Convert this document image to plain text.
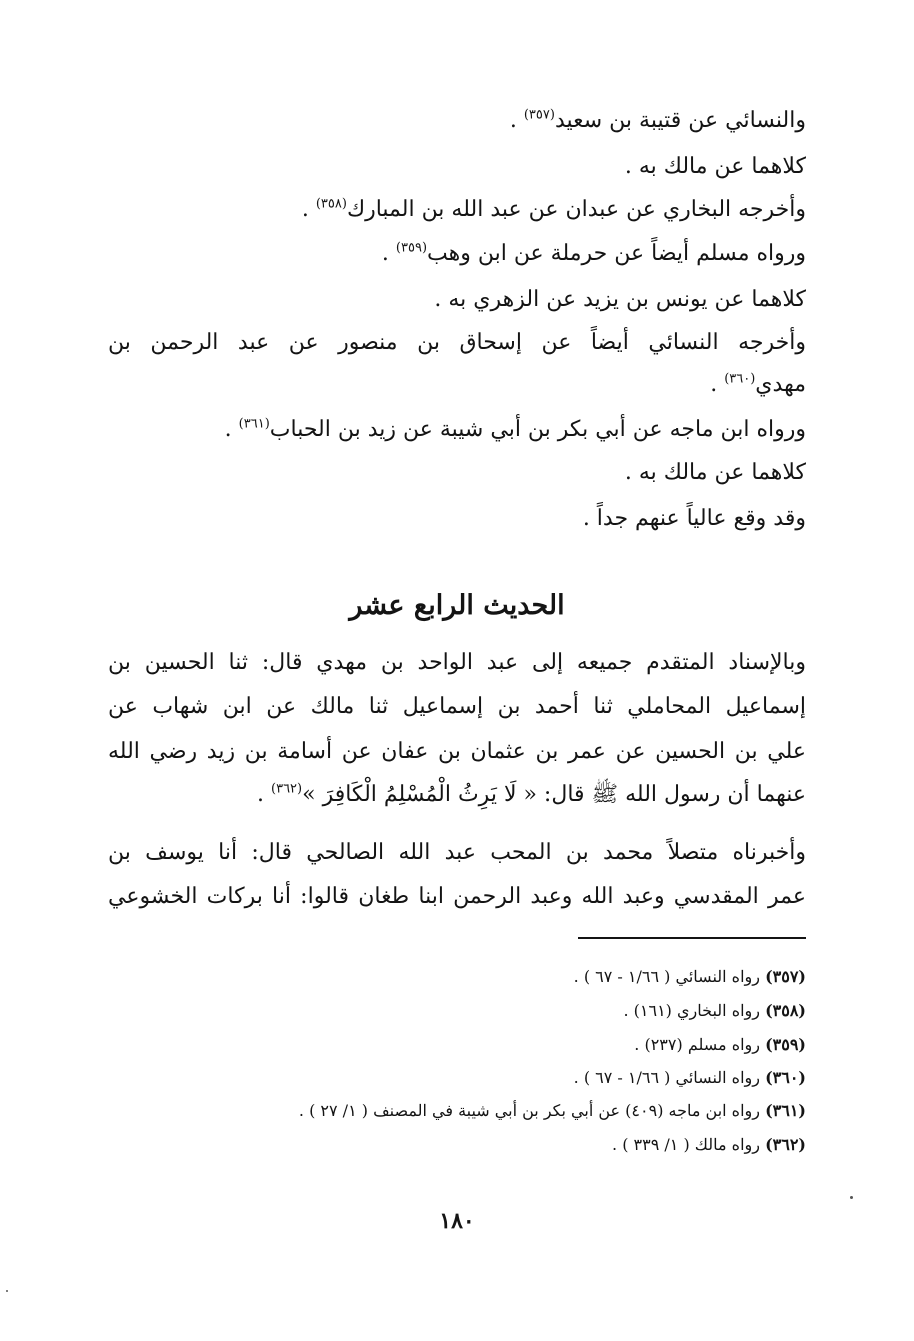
والنسائي عن قتيبة بن سعيد$^{(٣٥٧)}$ .
كلاهما عن مالك به .
وأخرجه البخاري عن عبدان عن عبد الله بن المبارك$^{(٣٥٨)}$ .
ورواه مسلم أيضاً عن حرملة عن ابن وهب$^{(٣٥٩)}$ .
كلاهما عن يونس بن يزيد عن الزهري به .
وأخرجه النسائي أيضاً عن إسحاق بن منصور عن عبد الرحمن بن
مهدي$^{(٣٦٠)}$ .
ورواه ابن ماجه عن أبي بكر بن أبي شيبة عن زيد بن الحباب$^{(٣٦١)}$ .
كلاهما عن مالك به .
وقد وقع عالياً عنهم جداً .
الحديث الرابع عشر
وبالإسناد المتقدم جميعه إلى عبد الواحد بن مهدي قال: ثنا الحسين بن
إسماعيل المحاملي ثنا أحمد بن إسماعيل ثنا مالك عن ابن شهاب عن
علي بن الحسين عن عمر بن عثمان بن عفان عن أسامة بن زيد رضي الله
عنهما أن رسول الله ﷺ قال: « لَا يَرِثُ الْمُسْلِمُ الْكَافِرَ »$^{(٣٦٢)}$ .
وأخبرناه متصلاً محمد بن المحب عبد الله الصالحي قال: أنا يوسف بن
عمر المقدسي وعبد الله وعبد الرحمن ابنا طغان قالوا: أنا بركات الخشوعي
(٣٥٧) رواه النسائي ( ١/٦٦ - ٦٧ ) .
(٣٥٨) رواه البخاري (١٦١) .
(٣٥٩) رواه مسلم (٢٣٧) .
(٣٦٠) رواه النسائي ( ١/٦٦ - ٦٧ ) .
(٣٦١) رواه ابن ماجه (٤٠٩) عن أبي بكر بن أبي شيبة في المصنف ( ١/ ٢٧ ) .
(٣٦٢) رواه مالك ( ١/ ٣٣٩ ) .
١٨٠
